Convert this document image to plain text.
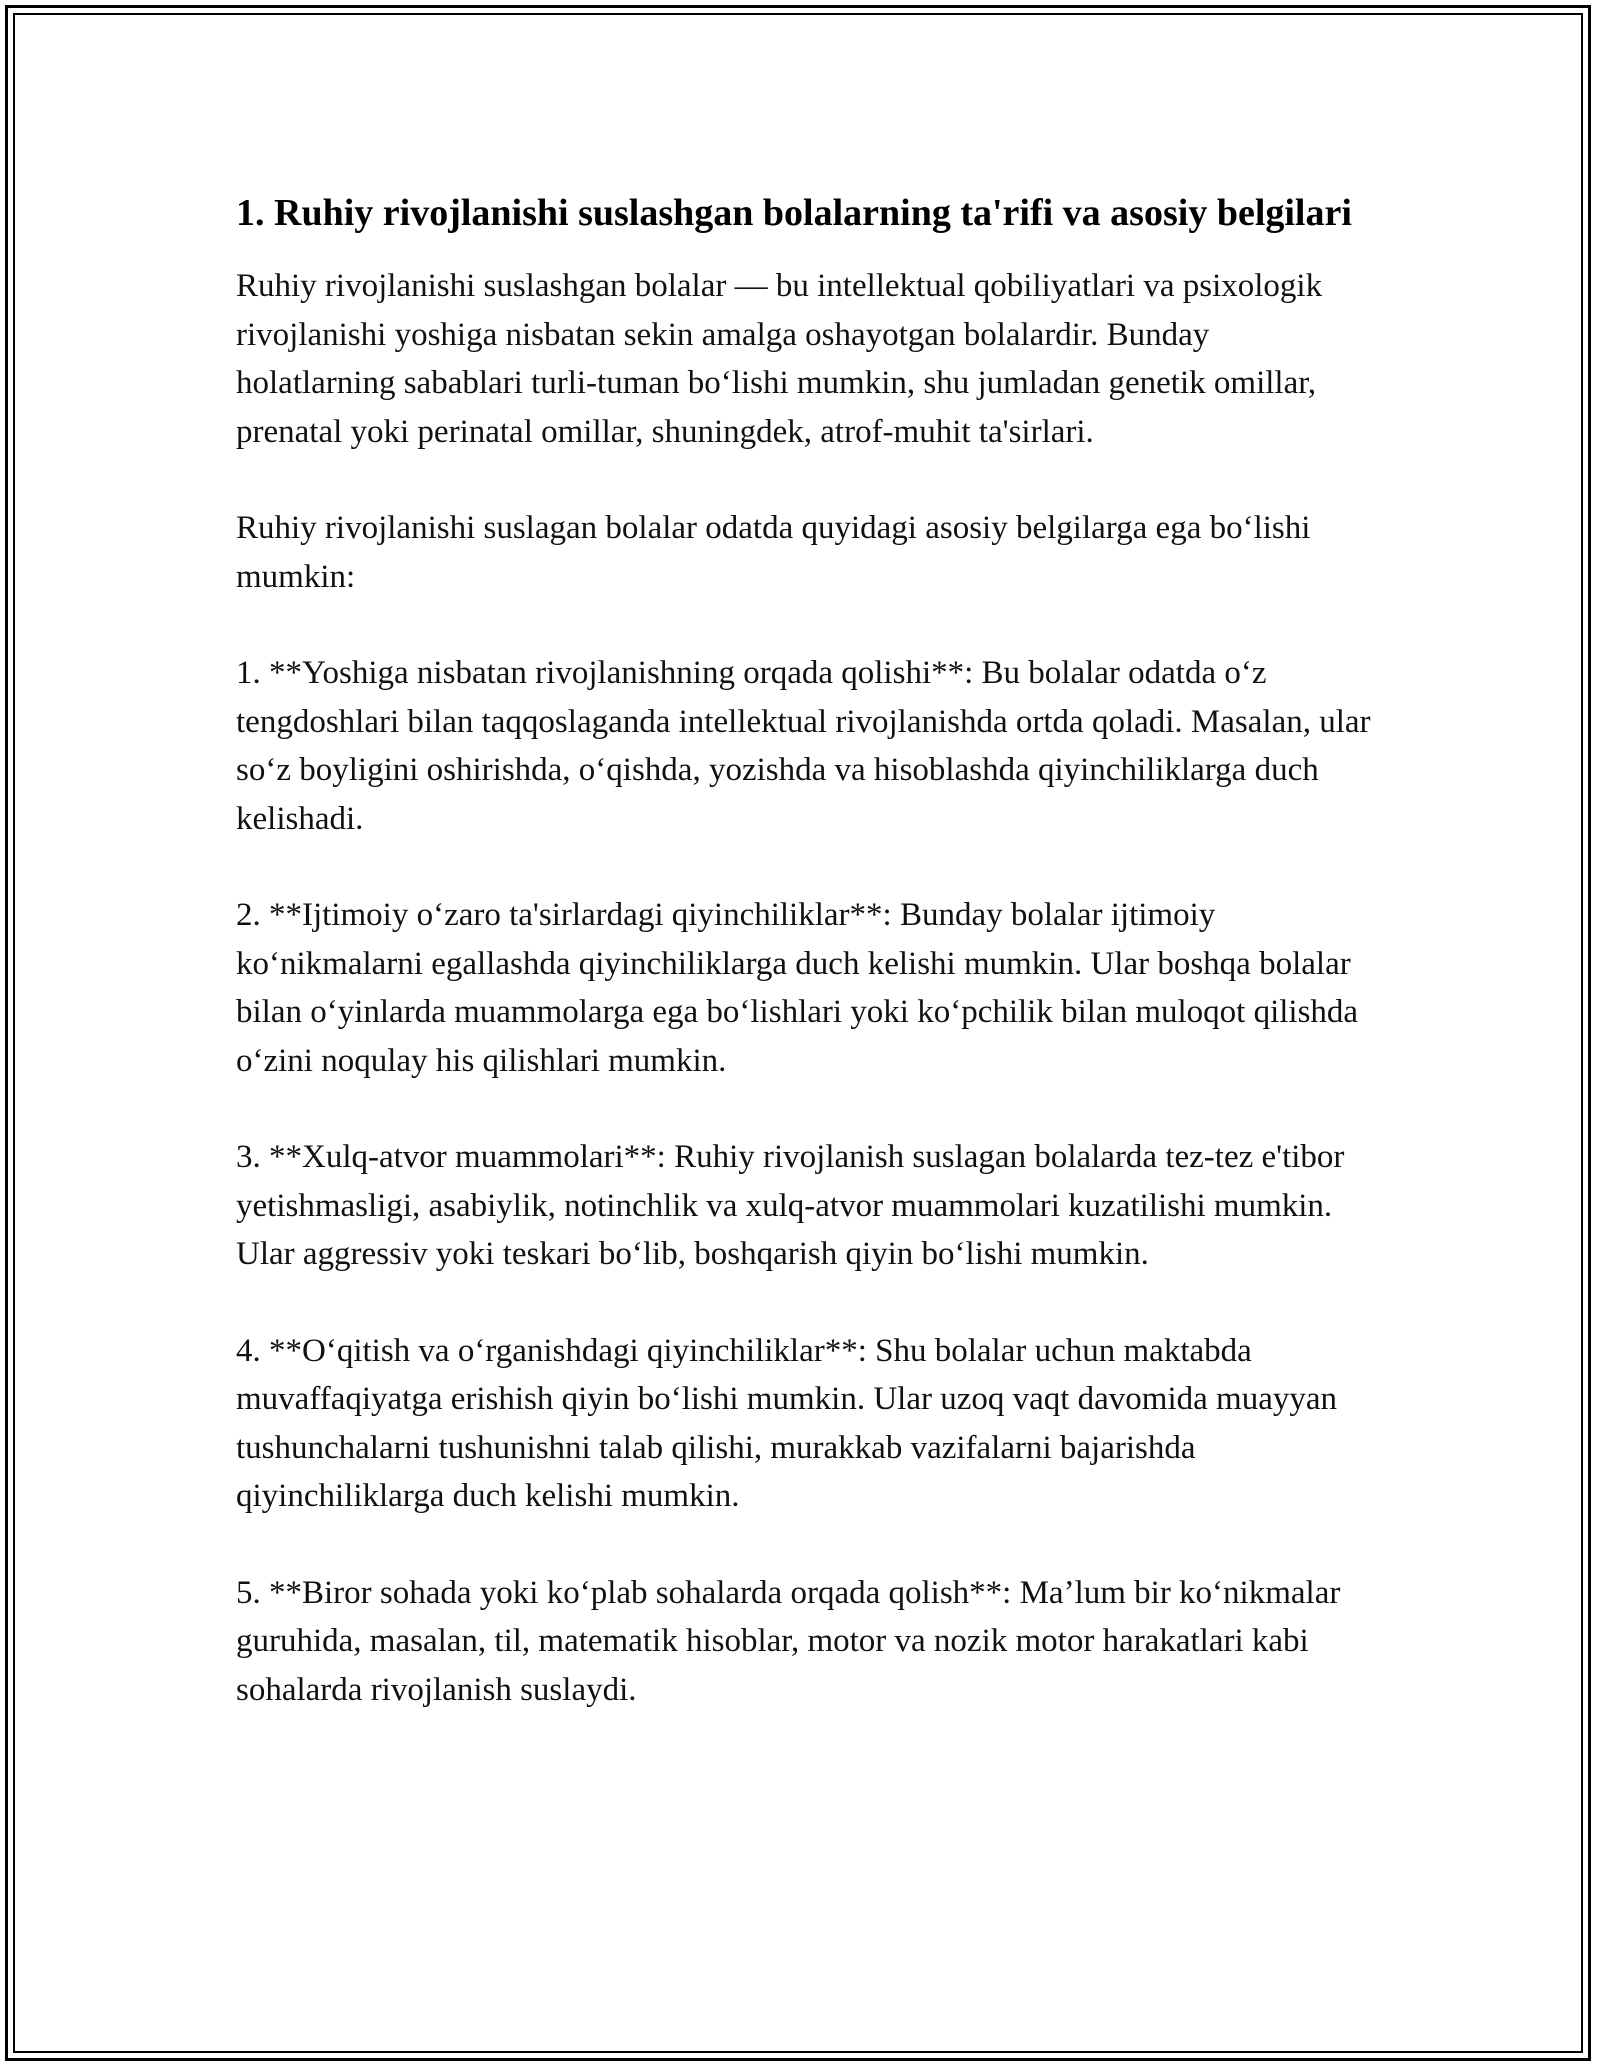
1. Ruhiy rivojlanishi suslashgan bolalarning ta'rifi va asosiy belgilari

Ruhiy rivojlanishi suslashgan bolalar — bu intellektual qobiliyatlari va psixologik rivojlanishi yoshiga nisbatan sekin amalga oshayotgan bolalardir. Bunday holatlarning sabablari turli-tuman boʻlishi mumkin, shu jumladan genetik omillar, prenatal yoki perinatal omillar, shuningdek, atrof-muhit ta'sirlari.

Ruhiy rivojlanishi suslagan bolalar odatda quyidagi asosiy belgilarga ega boʻlishi mumkin:

1. **Yoshiga nisbatan rivojlanishning orqada qolishi**: Bu bolalar odatda oʻz tengdoshlari bilan taqqoslaganda intellektual rivojlanishda ortda qoladi. Masalan, ular soʻz boyligini oshirishda, oʻqishda, yozishda va hisoblashda qiyinchiliklarga duch kelishadi.

2. **Ijtimoiy oʻzaro ta'sirlardagi qiyinchiliklar**: Bunday bolalar ijtimoiy koʻnikmalarni egallashda qiyinchiliklarga duch kelishi mumkin. Ular boshqa bolalar bilan oʻyinlarda muammolarga ega boʻlishlari yoki koʻpchilik bilan muloqot qilishda oʻzini noqulay his qilishlari mumkin.

3. **Xulq-atvor muammolari**: Ruhiy rivojlanish suslagan bolalarda tez-tez e'tibor yetishmasligi, asabiylik, notinchlik va xulq-atvor muammolari kuzatilishi mumkin. Ular aggressiv yoki teskari boʻlib, boshqarish qiyin boʻlishi mumkin.

4. **Oʻqitish va oʻrganishdagi qiyinchiliklar**: Shu bolalar uchun maktabda muvaffaqiyatga erishish qiyin boʻlishi mumkin. Ular uzoq vaqt davomida muayyan tushunchalarni tushunishni talab qilishi, murakkab vazifalarni bajarishda qiyinchiliklarga duch kelishi mumkin.

5. **Biror sohada yoki koʻplab sohalarda orqada qolish**: Maʼlum bir koʻnikmalar guruhida, masalan, til, matematik hisoblar, motor va nozik motor harakatlari kabi sohalarda rivojlanish suslaydi.
